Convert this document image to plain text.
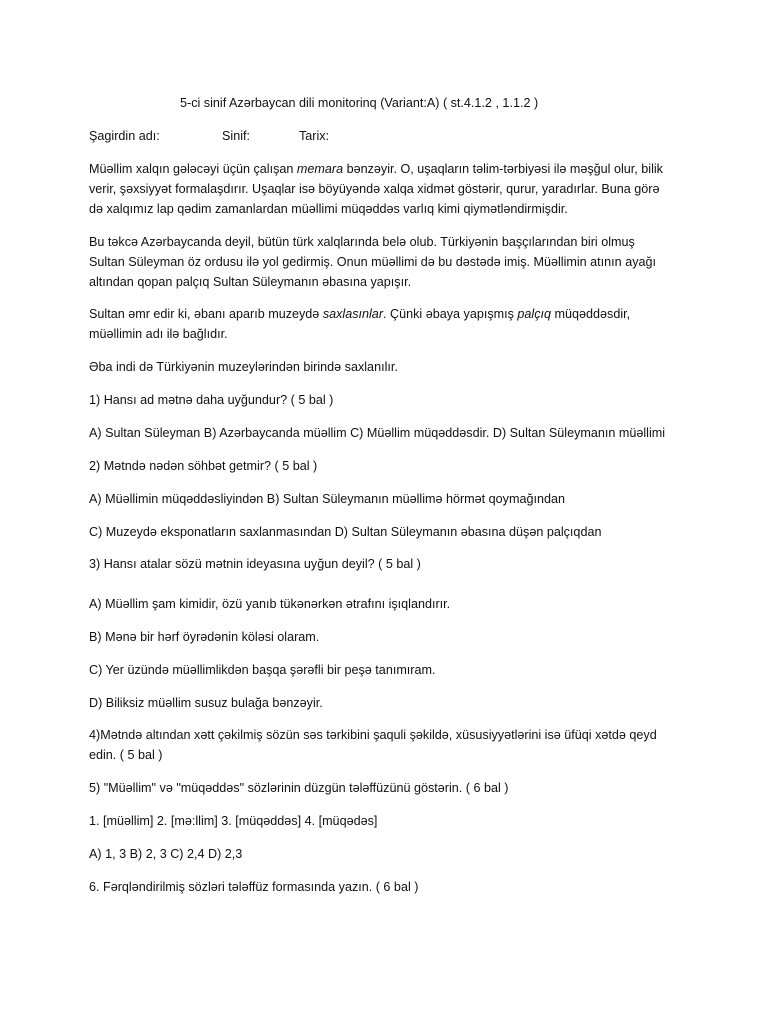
5-ci sinif Azərbaycan dili monitorinq (Variant:A) ( st.4.1.2 , 1.1.2 )
Şagirdin adı:	Sinif:	Tarix:
Müəllim xalqın gələcəyi üçün çalışan memara bənzəyir. O, uşaqların təlim-tərbiyəsi ilə məşğul olur, bilik
verir, şəxsiyyət formalaşdırır. Uşaqlar isə böyüyəndə xalqa xidmət göstərir, qurur, yaradırlar. Buna görə
də xalqımız lap qədim zamanlardan müəllimi müqəddəs varlıq kimi qiymətləndirmişdir.
Bu təkcə Azərbaycanda deyil, bütün türk xalqlarında belə olub. Türkiyənin başçılarından biri olmuş
Sultan Süleyman öz ordusu ilə yol gedirmiş. Onun müəllimi də bu dəstədə imiş. Müəllimin atının ayağı
altından qopan palçıq Sultan Süleymanın əbasına yapışır.
Sultan əmr edir ki, əbanı aparıb muzeydə saxlasınlar. Çünki əbaya yapışmış palçıq müqəddəsdir,
müəllimin adı ilə bağlıdır.
Əba indi də Türkiyənin muzeylərindən birində saxlanılır.
1) Hansı ad mətnə daha uyğundur? ( 5 bal )
A) Sultan Süleyman B) Azərbaycanda müəllim C) Müəllim müqəddəsdir. D) Sultan Süleymanın müəllimi
2) Mətndə nədən söhbət getmir? ( 5 bal )
A) Müəllimin müqəddəsliyindən B) Sultan Süleymanın müəllimə hörmət qoymağından
C) Muzeydə eksponatların saxlanmasından D) Sultan Süleymanın əbasına düşən palçıqdan
3) Hansı atalar sözü mətnin ideyasına uyğun deyil? ( 5 bal )
A) Müəllim şam kimidir, özü yanıb tükənərkən ətrafını işıqlandırır.
B) Mənə bir hərf öyrədənin köləsi olaram.
C) Yer üzündə müəllimlikdən başqa şərəfli bir peşə tanımıram.
D) Biliksiz müəllim susuz bulağa bənzəyir.
4)Mətndə altından xətt çəkilmiş sözün səs tərkibini şaquli şəkildə, xüsusiyyətlərini isə üfüqi xətdə qeyd
edin. ( 5 bal )
5) "Müəllim" və "müqəddəs" sözlərinin düzgün tələffüzünü göstərin. ( 6 bal )
1. [müəllim] 2. [mə:llim] 3. [müqəddəs] 4. [müqədəs]
A) 1, 3 B) 2, 3 C) 2,4 D) 2,3
6. Fərqləndirilmiş sözləri tələffüz formasında yazın. ( 6 bal )
